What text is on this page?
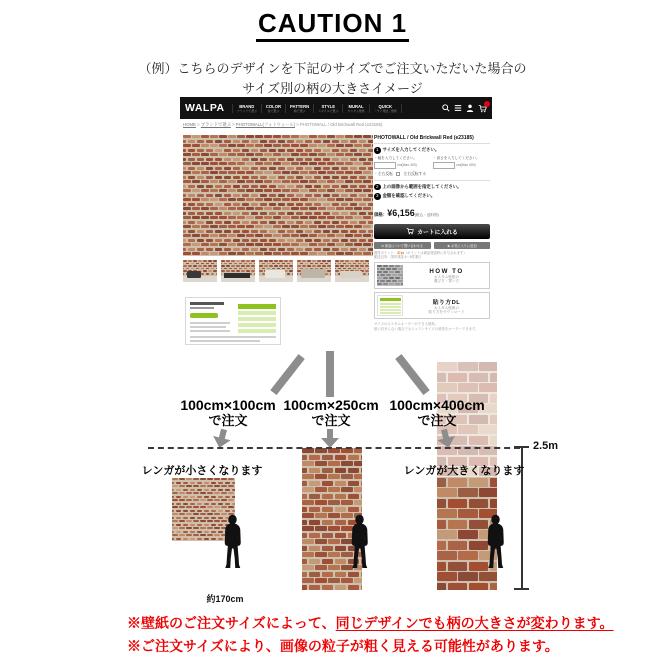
CAUTION 1
（例）こちらのデザインを下記のサイズでご注文いただいた場合の
サイズ別の柄の大きさイメージ
WALPA	BRAND
ブランドで選ぶ
COLOR
色で選ぶ
PATTERN
柄で選ぶ
STYLE
スタイルで選ぶ
MURAL
カスタム壁紙
QUICK
「すぐ発送」壁紙
HOME > ブランドで選ぶ > PHOTOWALL(フォトウォール) > PHOTOWALL / Old Brickwall Red (e23185)
PHOTOWALL / Old Brickwall Red (e23185)
1 サイズを入力してください。
・幅を入力してください。
cm(Max 400)
・高さを入力してください。
cm(Max 400)
・左右反転	左右反転する
2 上の画像から範囲を指定してください。
3 金額を確認してください。
価格：¥6,156(税込・送料別)
カートに入れる
✉ 商品について問い合わせる	★ お気に入りに追加
獲得ポイント：37pt（ポイントは商品発送時に付与されます）
配送目安：国内発送 4〜5営業日
HOW TO
カスタム壁紙の
選び方・買い方
貼り方DL
カスタム壁紙の
貼り方をダウンロード
サイズのカスタムオーダーができる壁紙。
壁に収まらない場合でもジャストサイズの壁紙をオーダーできます。
100cm×100cm
で注文
100cm×250cm
で注文
100cm×400cm
で注文
2.5m
レンガが小さくなります	レンガが大きくなります
約170cm
※壁紙のご注文サイズによって、同じデザインでも柄の大きさが変わります。
※ご注文サイズにより、画像の粒子が粗く見える可能性があります。
